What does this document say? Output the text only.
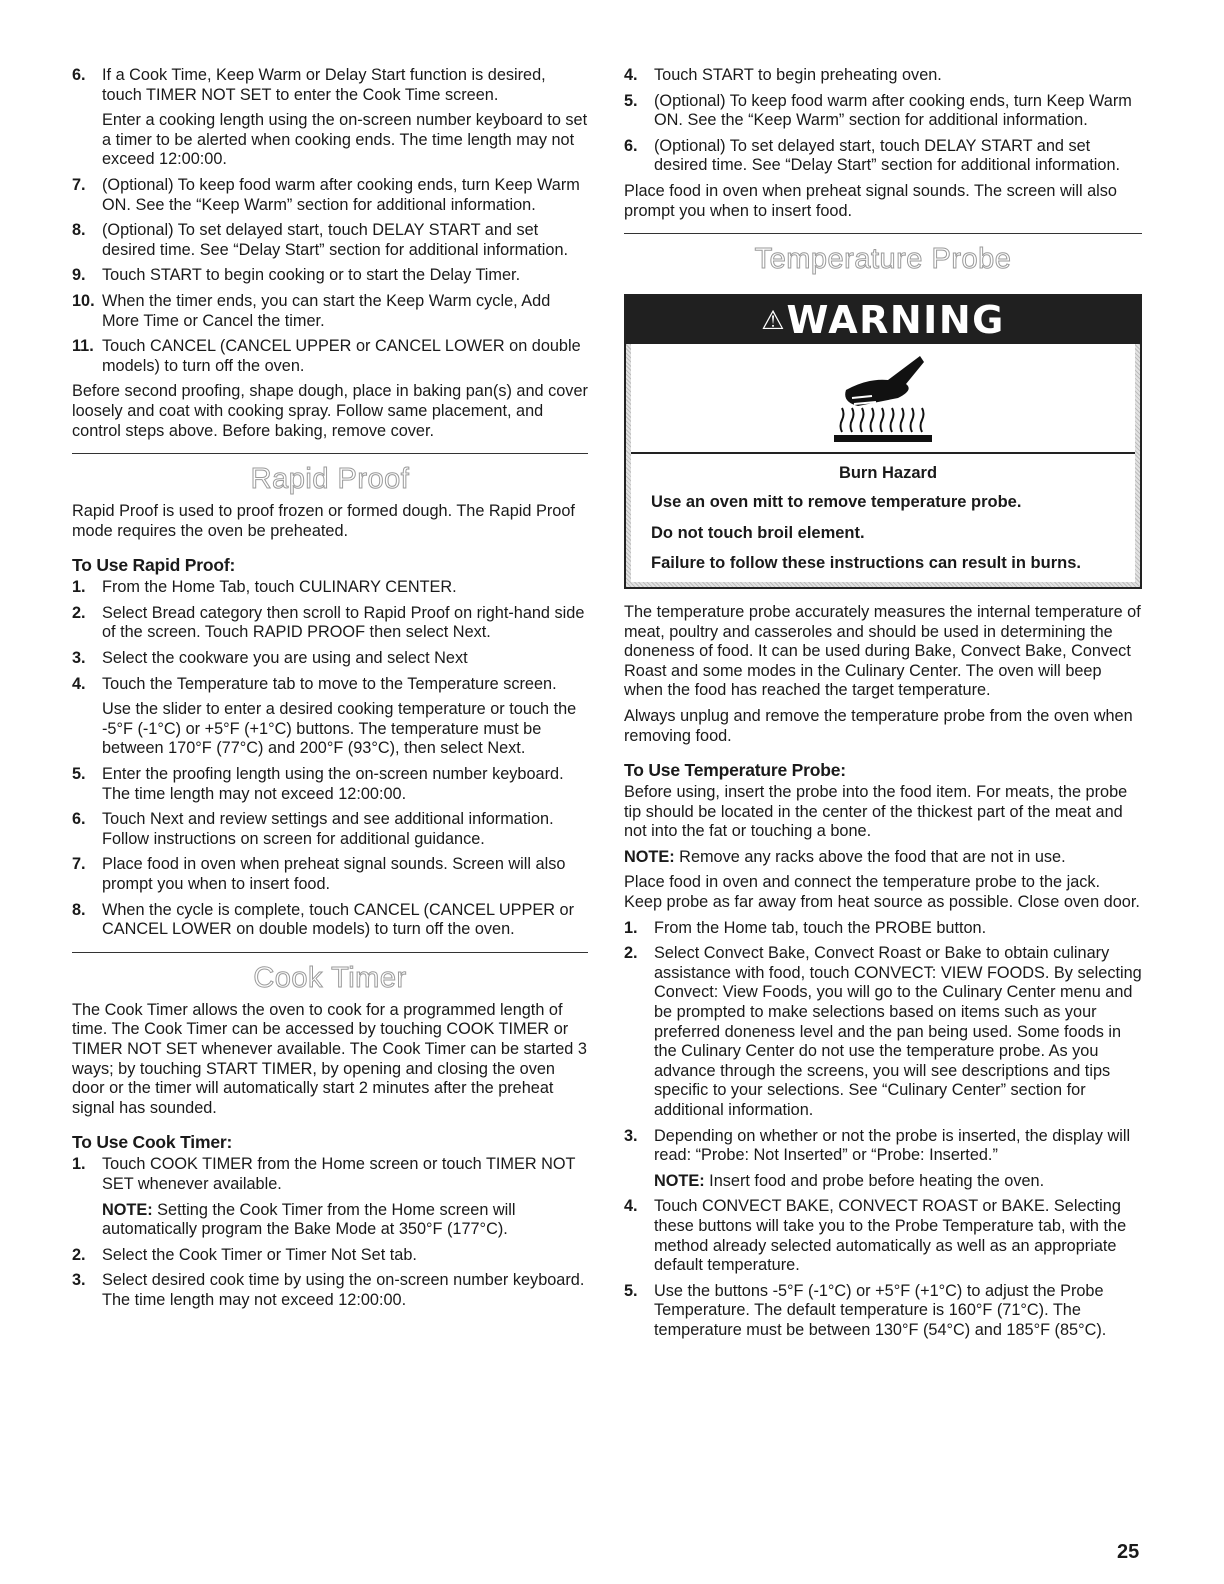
6. If a Cook Time, Keep Warm or Delay Start function is desired, touch TIMER NOT SET to enter the Cook Time screen.

Enter a cooking length using the on-screen number keyboard to set a timer to be alerted when cooking ends. The time length may not exceed 12:00:00.

7. (Optional) To keep food warm after cooking ends, turn Keep Warm ON. See the “Keep Warm” section for additional information.
8. (Optional) To set delayed start, touch DELAY START and set desired time. See “Delay Start” section for additional information.
9. Touch START to begin cooking or to start the Delay Timer.
10. When the timer ends, you can start the Keep Warm cycle, Add More Time or Cancel the timer.
11. Touch CANCEL (CANCEL UPPER or CANCEL LOWER on double models) to turn off the oven.

Before second proofing, shape dough, place in baking pan(s) and cover loosely and coat with cooking spray. Follow same placement, and control steps above. Before baking, remove cover.

Rapid Proof

Rapid Proof is used to proof frozen or formed dough. The Rapid Proof mode requires the oven be preheated.

To Use Rapid Proof:
1. From the Home Tab, touch CULINARY CENTER.
2. Select Bread category then scroll to Rapid Proof on right-hand side of the screen. Touch RAPID PROOF then select Next.
3. Select the cookware you are using and select Next
4. Touch the Temperature tab to move to the Temperature screen.

Use the slider to enter a desired cooking temperature or touch the -5°F (-1°C) or +5°F (+1°C) buttons. The temperature must be between 170°F (77°C) and 200°F (93°C), then select Next.

5. Enter the proofing length using the on-screen number keyboard. The time length may not exceed 12:00:00.
6. Touch Next and review settings and see additional information. Follow instructions on screen for additional guidance.
7. Place food in oven when preheat signal sounds. Screen will also prompt you when to insert food.
8. When the cycle is complete, touch CANCEL (CANCEL UPPER or CANCEL LOWER on double models) to turn off the oven.
Cook Timer

The Cook Timer allows the oven to cook for a programmed length of time. The Cook Timer can be accessed by touching COOK TIMER or TIMER NOT SET whenever available. The Cook Timer can be started 3 ways; by touching START TIMER, by opening and closing the oven door or the timer will automatically start 2 minutes after the preheat signal has sounded.

To Use Cook Timer:
1. Touch COOK TIMER from the Home screen or touch TIMER NOT SET whenever available.

NOTE: Setting the Cook Timer from the Home screen will automatically program the Bake Mode at 350°F (177°C).

2. Select the Cook Timer or Timer Not Set tab.
3. Select desired cook time by using the on-screen number keyboard. The time length may not exceed 12:00:00.
4. Touch START to begin preheating oven.
5. (Optional) To keep food warm after cooking ends, turn Keep Warm ON. See the “Keep Warm” section for additional information.
6. (Optional) To set delayed start, touch DELAY START and set desired time. See “Delay Start” section for additional information.

Place food in oven when preheat signal sounds. The screen will also prompt you when to insert food.

Temperature Probe
⚠ WARNING
Burn Hazard

Use an oven mitt to remove temperature probe.

Do not touch broil element.

Failure to follow these instructions can result in burns.

The temperature probe accurately measures the internal temperature of meat, poultry and casseroles and should be used in determining the doneness of food. It can be used during Bake, Convect Bake, Convect Roast and some modes in the Culinary Center. The oven will beep when the food has reached the target temperature.

Always unplug and remove the temperature probe from the oven when removing food.

To Use Temperature Probe:

Before using, insert the probe into the food item. For meats, the probe tip should be located in the center of the thickest part of the meat and not into the fat or touching a bone.

NOTE: Remove any racks above the food that are not in use.

Place food in oven and connect the temperature probe to the jack. Keep probe as far away from heat source as possible. Close oven door.

1. From the Home tab, touch the PROBE button.
2. Select Convect Bake, Convect Roast or Bake to obtain culinary assistance with food, touch CONVECT: VIEW FOODS. By selecting Convect: View Foods, you will go to the Culinary Center menu and be prompted to make selections based on items such as your preferred doneness level and the pan being used. Some foods in the Culinary Center do not use the temperature probe. As you advance through the screens, you will see descriptions and tips specific to your selections. See “Culinary Center” section for additional information.
3. Depending on whether or not the probe is inserted, the display will read: “Probe: Not Inserted” or “Probe: Inserted.”

NOTE: Insert food and probe before heating the oven.

4. Touch CONVECT BAKE, CONVECT ROAST or BAKE. Selecting these buttons will take you to the Probe Temperature tab, with the method already selected automatically as well as an appropriate default temperature.
5. Use the buttons -5°F (-1°C) or +5°F (+1°C) to adjust the Probe Temperature. The default temperature is 160°F (71°C). The temperature must be between 130°F (54°C) and 185°F (85°C).
25
